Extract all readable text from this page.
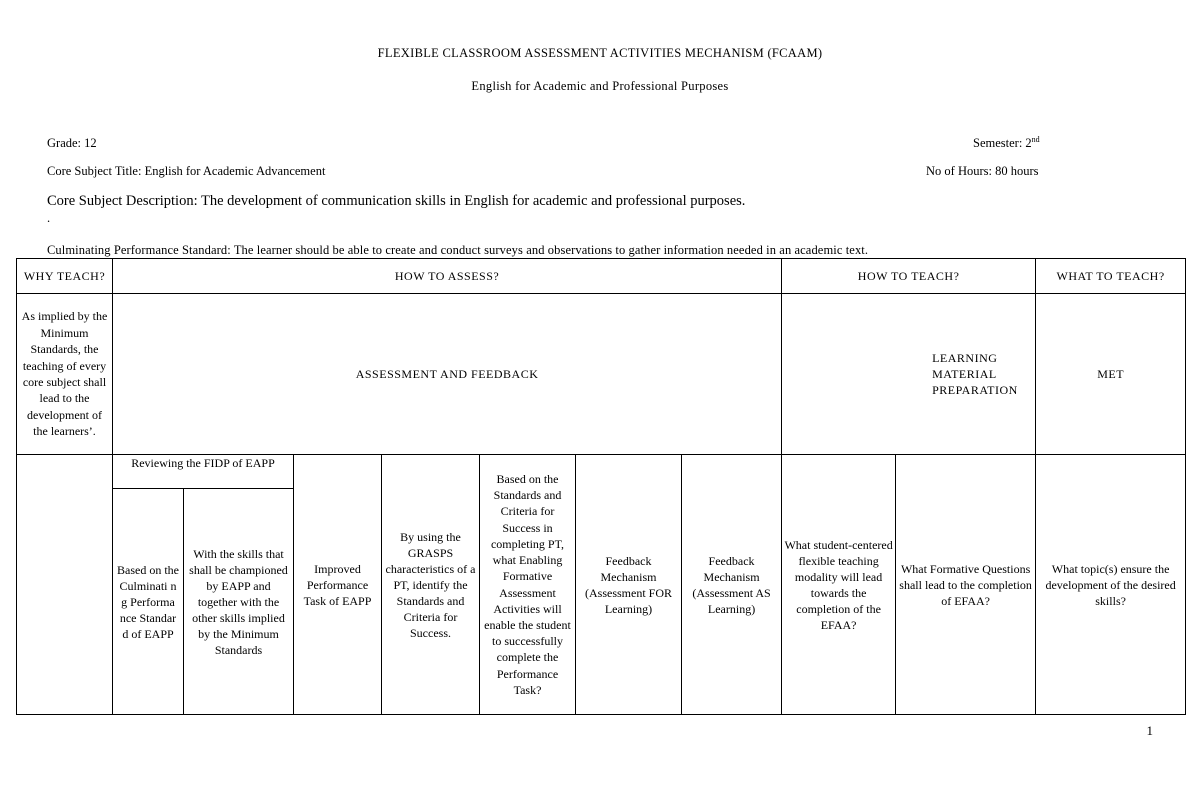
FLEXIBLE CLASSROOM ASSESSMENT ACTIVITIES MECHANISM (FCAAM)
English for Academic and Professional Purposes
Grade: 12	Semester: 2nd
Core Subject Title: English for Academic Advancement	No of Hours: 80 hours
Core Subject Description: The development of communication skills in English for academic and professional purposes.
.
Culminating Performance Standard: The learner should be able to create and conduct surveys and observations to gather information needed in an academic text.
WHY TEACH?	HOW TO ASSESS?							HOW TO TEACH?		WHAT TO TEACH?
As implied by the Minimum Standards, the teaching of every core subject shall lead to the development of the learners’.	ASSESSMENT AND FEEDBACK							LEARNING MATERIAL PREPARATION		MET
	Reviewing the FIDP of EAPP		Improved Performance Task of EAPP	By using the GRASPS characteristics of a PT, identify the Standards and Criteria for Success.	Based on the Standards and Criteria for Success in completing PT, what Enabling Formative Assessment Activities will enable the student to successfully complete the Performance Task?	Feedback Mechanism (Assessment FOR Learning)	Feedback Mechanism (Assessment AS Learning)	What student-centered flexible teaching modality will lead towards the completion of the EFAA?	What Formative Questions shall lead to the completion of EFAA?	What topic(s) ensure the development of the desired skills?
	Based on the Culminati ng Performa nce Standard of EAPP	With the skills that shall be championed by EAPP and together with the other skills implied by the Minimum Standards								
1
